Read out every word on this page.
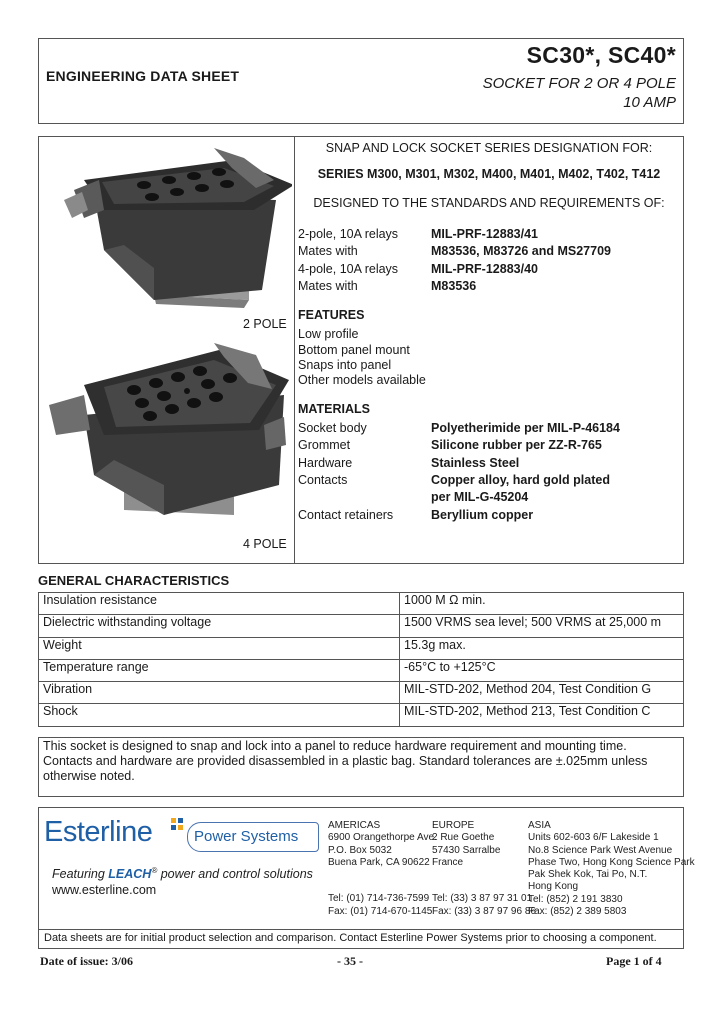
ENGINEERING DATA SHEET
SC30*, SC40*
SOCKET FOR 2 OR 4 POLE
10 AMP
2 POLE
4 POLE
SNAP AND LOCK SOCKET SERIES DESIGNATION FOR:
SERIES M300, M301, M302, M400, M401, M402, T402, T412
DESIGNED TO THE STANDARDS AND REQUIREMENTS OF:
2-pole, 10A relays	MIL-PRF-12883/41
Mates with	M83536, M83726 and MS27709
4-pole, 10A relays	MIL-PRF-12883/40
Mates with	M83536
FEATURES
Low profile
Bottom panel mount
Snaps into panel
Other models available
MATERIALS
Socket body	Polyetherimide per MIL-P-46184
Grommet	Silicone rubber per ZZ-R-765
Hardware	Stainless Steel
Contacts	Copper alloy, hard gold plated
per MIL-G-45204
Contact retainers	Beryllium copper
GENERAL CHARACTERISTICS
Insulation resistance	1000 M Ω min.
Dielectric withstanding voltage	1500 VRMS sea level; 500 VRMS at 25,000 m
Weight	15.3g max.
Temperature range	-65°C to +125°C
Vibration	MIL-STD-202, Method 204, Test Condition G
Shock	MIL-STD-202, Method 213, Test Condition C
This socket is designed to snap and lock into a panel to reduce hardware requirement and mounting time. Contacts and hardware are provided disassembled in a plastic bag. Standard tolerances are ±.025mm unless otherwise noted.
Esterline	Power Systems
Featuring LEACH® power and control solutions
www.esterline.com
AMERICAS
6900 Orangethorpe Ave.
P.O. Box 5032
Buena Park, CA 90622
Tel: (01) 714-736-7599
Fax: (01) 714-670-1145
EUROPE
2 Rue Goethe
57430 Sarralbe
France
Tel: (33) 3 87 97 31 01
Fax: (33) 3 87 97 96 86
ASIA
Units 602-603 6/F Lakeside 1
No.8 Science Park West Avenue
Phase Two, Hong Kong Science Park
Pak Shek Kok, Tai Po, N.T.
Hong Kong
Tel: (852) 2 191 3830
Fax: (852) 2 389 5803
Data sheets are for initial product selection and comparison. Contact Esterline Power Systems prior to choosing a component.
Date of issue: 3/06	- 35 -	Page 1 of 4
